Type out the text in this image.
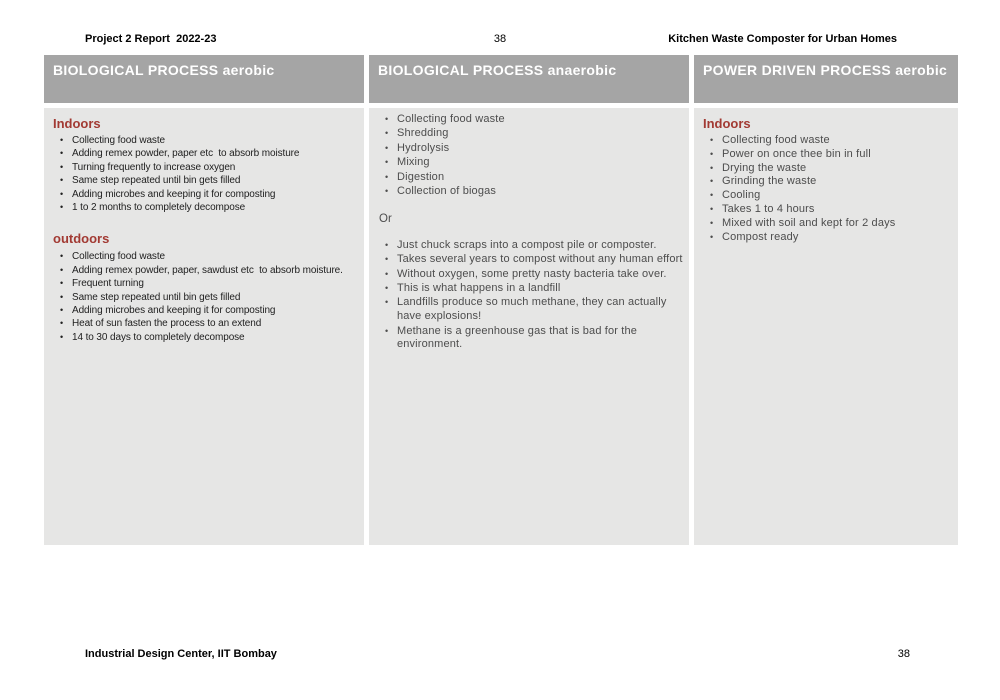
Project 2 Report  2022-23	38	Kitchen Waste Composter for Urban Homes
BIOLOGICAL PROCESS aerobic
Indoors
• Collecting food waste
• Adding remex powder, paper etc  to absorb moisture
• Turning frequently to increase oxygen
• Same step repeated until bin gets filled
• Adding microbes and keeping it for composting
• 1 to 2 months to completely decompose
outdoors
• Collecting food waste
• Adding remex powder, paper, sawdust etc  to absorb moisture.
• Frequent turning
• Same step repeated until bin gets filled
• Adding microbes and keeping it for composting
• Heat of sun fasten the process to an extend
• 14 to 30 days to completely decompose
BIOLOGICAL PROCESS anaerobic
• Collecting food waste
• Shredding
• Hydrolysis
• Mixing
• Digestion
• Collection of biogas
Or
• Just chuck scraps into a compost pile or composter.
• Takes several years to compost without any human effort
• Without oxygen, some pretty nasty bacteria take over.
• This is what happens in a landfill
• Landfills produce so much methane, they can actually have explosions!
• Methane is a greenhouse gas that is bad for the environment.
POWER DRIVEN PROCESS aerobic
Indoors
• Collecting food waste
• Power on once thee bin in full
• Drying the waste
• Grinding the waste
• Cooling
• Takes 1 to 4 hours
• Mixed with soil and kept for 2 days
• Compost ready
Industrial Design Center, IIT Bombay	38
